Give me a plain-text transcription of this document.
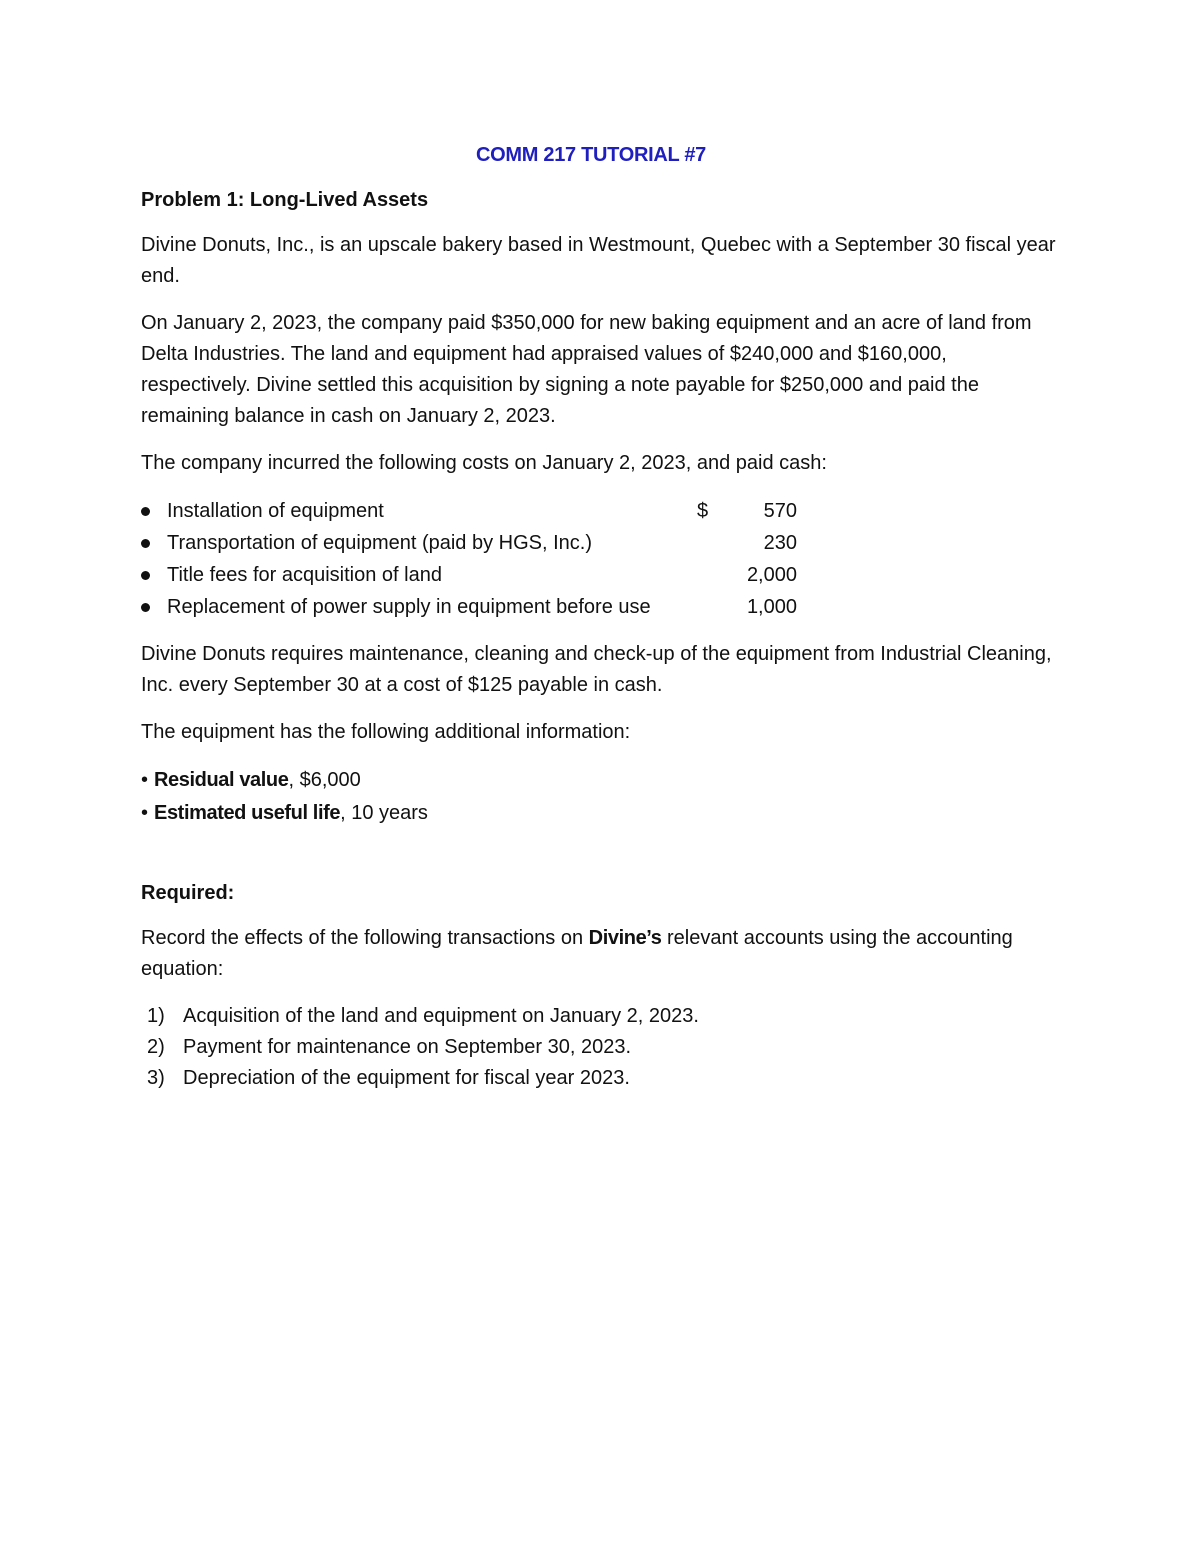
COMM 217 TUTORIAL #7
Problem 1: Long-Lived Assets

Divine Donuts, Inc., is an upscale bakery based in Westmount, Quebec with a September 30 fiscal year end.

On January 2, 2023, the company paid $350,000 for new baking equipment and an acre of land from Delta Industries. The land and equipment had appraised values of $240,000 and $160,000, respectively. Divine settled this acquisition by signing a note payable for $250,000 and paid the remaining balance in cash on January 2, 2023.

The company incurred the following costs on January 2, 2023, and paid cash:

Installation of equipment	$	570
Transportation of equipment (paid by HGS, Inc.)	230
Title fees for acquisition of land	2,000
Replacement of power supply in equipment before use	1,000

Divine Donuts requires maintenance, cleaning and check-up of the equipment from Industrial Cleaning, Inc. every September 30 at a cost of $125 payable in cash.

The equipment has the following additional information:

• Residual value , $6,000
• Estimated useful life , 10 years
Required:

Record the effects of the following transactions on Divine’s relevant accounts using the accounting equation:

1) Acquisition of the land and equipment on January 2, 2023.
2) Payment for maintenance on September 30, 2023.
3) Depreciation of the equipment for fiscal year 2023.
